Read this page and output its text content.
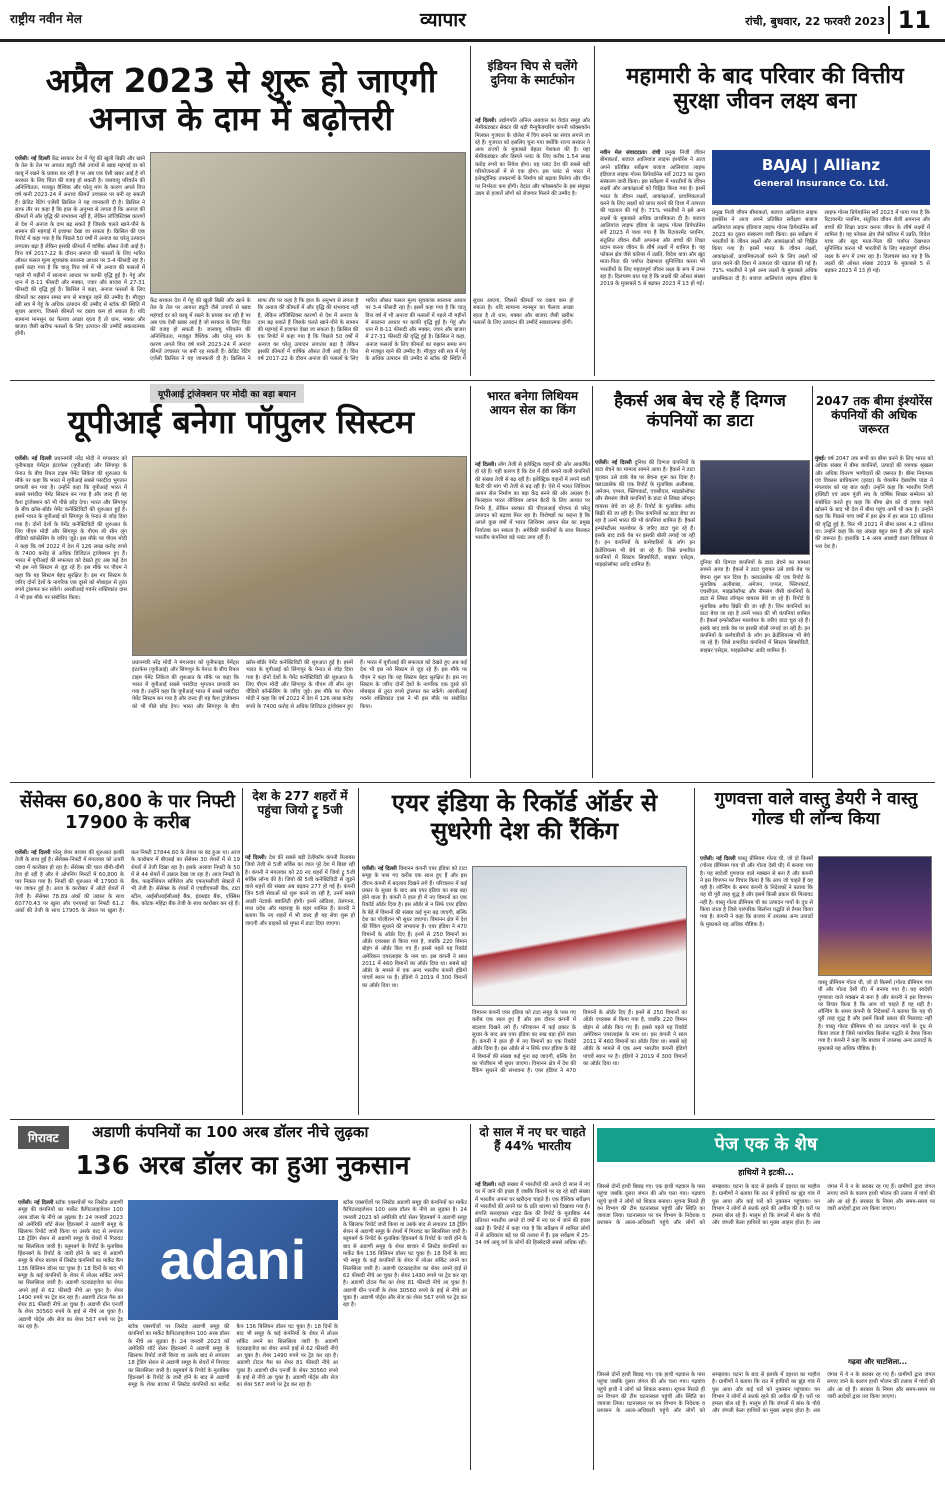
राष्ट्रीय नवीन मेल	व्यापार	रांची, बुधवार, 22 फरवरी 2023 11
अप्रैल 2023 से शुरू हो जाएगी अनाज के दाम में बढ़ोत्तरी
एजेंसी। नई दिल्ली केंद्र सरकार देश में गेहूं की खुली बिक्री और खाने के तेल के तेल पर आयात ड्यूटी जैसे उपायों से खाद्य महंगाई दर को काबू में रखने के प्रयास कर रही है पर अब एक ऐसी खबर आई है जो सरकार के लिए चिंता की वजह हो सकती है। जलवायु परिवर्तन की अनिश्चितता, मजबूत वैश्विक और घरेलू मांग के कारण अगले वित्त वर्ष यानी 2023-24 में अनाज कीमतें उच्चस्तर पर बनी रह सकती हैं। क्रेडिट रेटिंग एजेंसी क्रिसिल ने यह जानकारी दी है। क्रिसिल ने साफ तौर पर कहा है कि हाल के अनुभव से लगता है कि अनाज की कीमतों में और वृद्धि की संभावना नहीं है, लेकिन लॉजिस्टिक्स कारणों से देश में अनाज के दाम बढ़ सकते हैं जिसके चलते खाने-पीने के सामान की महंगाई में इजाफा देखा जा सकता है। क्रिसिल की एक रिपोर्ट में कहा गया है कि पिछले 50 वर्षों में अनाज का घरेलू उत्पादन लगातार बढ़ा है लेकिन इसकी कीमतों में वार्षिक औसत तेजी आई है। वित्त वर्ष 2017-22 के दौरान अनाज की फसलों के लिए भारित औसत फसल मूल्य सूचकांक सालाना आधार पर 3-4 फीसदी रहा है। इसमें कहा गया है कि चालू वित्त वर्ष में भी अनाज की फसलों में पहले नौ महीनों में सालाना आधार पर काफी वृद्धि हुई है। गेहूं और धान में 8-11 फीसदी और मक्का, ज्वार और बाजरा में 27-31 फीसदी की वृद्धि हुई है। क्रिसिल ने कहा, अनाज फसलों के लिए कीमतों का रुझान समग्र रूप से मजबूत रहने की उम्मीद है। मौजूदा रबी सत्र में गेहूं के अधिक उत्पादन की उम्मीद से स्टॉक की स्थिति में सुधार आएगा, जिससे कीमतों पर दबाव कम हो सकता है। यदि सामान्य मानसून का फैलाव अच्छा रहता है तो धान, मक्का और बाजरा जैसी खरीफ फसलों के लिए उत्पादन की उम्मीदें सकारात्मक होंगी।
केंद्र सरकार देश में गेहूं की खुली बिक्री और खाने के तेल के तेल पर आयात ड्यूटी जैसे उपायों से खाद्य महंगाई दर को काबू में रखने के प्रयास कर रही है पर अब एक ऐसी खबर आई है जो सरकार के लिए चिंता की वजह हो सकती है। जलवायु परिवर्तन की अनिश्चितता, मजबूत वैश्विक और घरेलू मांग के कारण अगले वित्त वर्ष यानी 2023-24 में अनाज कीमतें उच्चस्तर पर बनी रह सकती हैं। क्रेडिट रेटिंग एजेंसी क्रिसिल ने यह जानकारी दी है। क्रिसिल ने साफ तौर पर कहा है कि हाल के अनुभव से लगता है कि अनाज की कीमतों में और वृद्धि की संभावना नहीं है, लेकिन लॉजिस्टिक्स कारणों से देश में अनाज के दाम बढ़ सकते हैं जिसके चलते खाने-पीने के सामान की महंगाई में इजाफा देखा जा सकता है। क्रिसिल की एक रिपोर्ट में कहा गया है कि पिछले 50 वर्षों में अनाज का घरेलू उत्पादन लगातार बढ़ा है लेकिन इसकी कीमतों में वार्षिक औसत तेजी आई है। वित्त वर्ष 2017-22 के दौरान अनाज की फसलों के लिए भारित औसत फसल मूल्य सूचकांक सालाना आधार पर 3-4 फीसदी रहा है। इसमें कहा गया है कि चालू वित्त वर्ष में भी अनाज की फसलों में पहले नौ महीनों में सालाना आधार पर काफी वृद्धि हुई है। गेहूं और धान में 8-11 फीसदी और मक्का, ज्वार और बाजरा में 27-31 फीसदी की वृद्धि हुई है। क्रिसिल ने कहा, अनाज फसलों के लिए कीमतों का रुझान समग्र रूप से मजबूत रहने की उम्मीद है। मौजूदा रबी सत्र में गेहूं के अधिक उत्पादन की उम्मीद से स्टॉक की स्थिति में सुधार आएगा, जिससे कीमतों पर दबाव कम हो सकता है। यदि सामान्य मानसून का फैलाव अच्छा रहता है तो धान, मक्का और बाजरा जैसी खरीफ फसलों के लिए उत्पादन की उम्मीदें सकारात्मक होंगी।
इंडियन चिप से चलेंगे दुनिया के स्मार्टफोन
नई दिल्ली। उद्योगपति अनिल अग्रवाल का वेदांत समूह और सेमीकंडक्टर सेक्टर की बड़ी मैन्युफैक्चरिंग कंपनी फॉक्सकॉन मिलकर गुजरात के धोलेरा में चिप बनाने का संयंत्र लगाने जा रहे हैं। गुजरात को इसलिए चुना गया क्योंकि राज्य सरकार ने अन्य राज्यों के मुकाबले बेहतर पेशकश की है। यहां सेमीकंडक्टर और डिस्प्ले प्लांट के लिए करीब 1.54 लाख करोड़ रुपये का निवेश होगा। यह प्लांट देश की सबसे बड़ी परियोजनाओं में से एक होगा। इस प्लांट से भारत में इलेक्ट्रॉनिक उपकरणों के निर्माण को बढ़ावा मिलेगा और चीन पर निर्भरता कम होगी। वेदांत और फॉक्सकॉन के इस संयुक्त उद्यम से हजारों लोगों को रोजगार मिलने की उम्मीद है।
महामारी के बाद परिवार की वित्तीय सुरक्षा जीवन लक्ष्य बना
BAJAJ | Allianz
General Insurance Co. Ltd.
नवीन मेल संवाददाता। रांची प्रमुख निजी जीवन बीमाकर्ता, बजाज आलियांज लाइफ इंश्योरेंस ने आज अपने प्रतिष्ठित सर्वेक्षण बजाज आलियांज लाइफ इंडियाज लाइफ गोल्स प्रिपेयर्डनेस सर्वे 2023 का दूसरा संस्करण जारी किया। इस सर्वेक्षण में भारतीयों के जीवन लक्ष्यों और आकांक्षाओं को चिह्नित किया गया है। इसमें भारत के जीवन लक्ष्यों, आकांक्षाओं, प्राथमिकताओं करने के लिए लक्ष्यों को प्राप्त करने की दिशा में तत्परता की पड़ताल की गई है। 71% भारतीयों ने इसे अन्य लक्ष्यों के मुकाबले अधिक प्राथमिकता दी है। बजाज आलियांज लाइफ इंडिया के लाइफ गोल्स प्रिपेयर्डनेस सर्वे 2023 में पाया गया है कि रिटायरमेंट प्लानिंग, संतुलित जीवन शैली अपनाना और बच्चों की शिक्षा प्रदान करना जीवन के शीर्ष लक्ष्यों में शामिल है। यह फोकस क्षेत्र जैसे करियर में उन्नति, विदेश यात्रा और खुद माता-पिता की पर्याप्त देखभाल सुनिश्चित करना भी भारतीयों के लिए महत्वपूर्ण जीवन लक्ष्य के रूप में उभर रहा है। दिलचस्प बात यह है कि लक्ष्यों की ओसत संख्या 2019 के मुकाबले 5 से बढ़कर 2023 में 13 हो गई।
प्रमुख निजी जीवन बीमाकर्ता, बजाज आलियांज लाइफ इंश्योरेंस ने आज अपने प्रतिष्ठित सर्वेक्षण बजाज आलियांज लाइफ इंडियाज लाइफ गोल्स प्रिपेयर्डनेस सर्वे 2023 का दूसरा संस्करण जारी किया। इस सर्वेक्षण में भारतीयों के जीवन लक्ष्यों और आकांक्षाओं को चिह्नित किया गया है। इसमें भारत के जीवन लक्ष्यों, आकांक्षाओं, प्राथमिकताओं करने के लिए लक्ष्यों को प्राप्त करने की दिशा में तत्परता की पड़ताल की गई है। 71% भारतीयों ने इसे अन्य लक्ष्यों के मुकाबले अधिक प्राथमिकता दी है। बजाज आलियांज लाइफ इंडिया के लाइफ गोल्स प्रिपेयर्डनेस सर्वे 2023 में पाया गया है कि रिटायरमेंट प्लानिंग, संतुलित जीवन शैली अपनाना और बच्चों की शिक्षा प्रदान करना जीवन के शीर्ष लक्ष्यों में शामिल है। यह फोकस क्षेत्र जैसे करियर में उन्नति, विदेश यात्रा और खुद माता-पिता की पर्याप्त देखभाल सुनिश्चित करना भी भारतीयों के लिए महत्वपूर्ण जीवन लक्ष्य के रूप में उभर रहा है। दिलचस्प बात यह है कि लक्ष्यों की ओसत संख्या 2019 के मुकाबले 5 से बढ़कर 2023 में 13 हो गई।
यूपीआई ट्रांजेक्शन पर मोदी का बड़ा बयान
यूपीआई बनेगा पॉपुलर सिस्टम
एजेंसी। नई दिल्ली प्रधानमंत्री नरेंद्र मोदी ने मंगलवार को यूनीफाइड पेमेंट्स इंटरफेस (यूपीआई) और सिंगापुर के पेनाउ के बीच रियल टाइम पेमेंट लिंकेज की शुरुआत के मौके पर कहा कि भारत में यूपीआई सबसे पसंदीदा भुगतान प्रणाली बन गया है। उन्होंने कहा कि यूपीआई भारत में सबसे पसंदीदा पेमेंट सिस्टम बन गया है और जल्द ही यह कैश ट्रांजेक्शन को भी पीछे छोड़ देगा। भारत और सिंगापुर के बीच क्रॉस-बॉर्डर पेमेंट कनेक्टिविटी की शुरुआत हुई है। इसमें भारत के यूपीआई को सिंगापुर के पेनाउ से जोड़ दिया गया है। दोनों देशों के पेमेंट कनेक्टिविटी की शुरुआत के लिए पीएम मोदी और सिंगापुर के पीएम ली सीन लूंग वीडियो कॉन्फ्रेंसिंग के जरिए जुड़े। इस मौके पर पीएम मोदी ने कहा कि वर्ष 2022 में देश में 126 लाख करोड़ रुपये के 7400 करोड़ से अधिक डिजिटल ट्रांजेक्शन हुए हैं। भारत में यूपीआई की सफलता को देखते हुए अब कई देश भी इस नये सिस्टम से जुड़ रहे हैं। इस मौके पर पीएम ने कहा कि यह सिस्टम बेहद सुरक्षित है। इस नए सिस्टम के जरिए दोनों देशों के नागरिक एक दूसरे को मोबाइल से तुरंत रुपये ट्रांसफर कर सकेंगे। आरबीआई गवर्नर शक्तिकांत दास ने भी इस मौके पर संबोधित किया।
प्रधानमंत्री नरेंद्र मोदी ने मंगलवार को यूनीफाइड पेमेंट्स इंटरफेस (यूपीआई) और सिंगापुर के पेनाउ के बीच रियल टाइम पेमेंट लिंकेज की शुरुआत के मौके पर कहा कि भारत में यूपीआई सबसे पसंदीदा भुगतान प्रणाली बन गया है। उन्होंने कहा कि यूपीआई भारत में सबसे पसंदीदा पेमेंट सिस्टम बन गया है और जल्द ही यह कैश ट्रांजेक्शन को भी पीछे छोड़ देगा। भारत और सिंगापुर के बीच क्रॉस-बॉर्डर पेमेंट कनेक्टिविटी की शुरुआत हुई है। इसमें भारत के यूपीआई को सिंगापुर के पेनाउ से जोड़ दिया गया है। दोनों देशों के पेमेंट कनेक्टिविटी की शुरुआत के लिए पीएम मोदी और सिंगापुर के पीएम ली सीन लूंग वीडियो कॉन्फ्रेंसिंग के जरिए जुड़े। इस मौके पर पीएम मोदी ने कहा कि वर्ष 2022 में देश में 126 लाख करोड़ रुपये के 7400 करोड़ से अधिक डिजिटल ट्रांजेक्शन हुए हैं। भारत में यूपीआई की सफलता को देखते हुए अब कई देश भी इस नये सिस्टम से जुड़ रहे हैं। इस मौके पर पीएम ने कहा कि यह सिस्टम बेहद सुरक्षित है। इस नए सिस्टम के जरिए दोनों देशों के नागरिक एक दूसरे को मोबाइल से तुरंत रुपये ट्रांसफर कर सकेंगे। आरबीआई गवर्नर शक्तिकांत दास ने भी इस मौके पर संबोधित किया।
भारत बनेगा लिथियम आयन सेल का किंग
नई दिल्ली। लोग तेजी से इलेक्ट्रिक वाहनों की ओर आकर्षित हो रहे हैं। यही कारण है कि देश में ईवी बनाने वाली कंपनियों की संख्या तेजी से बढ़ रही है। इलेक्ट्रिक वाहनों में लगने वाली बैटरी की मांग भी तेजी से बढ़ रही है। ऐसे में भारत लिथियम आयन सेल निर्माण का बड़ा केंद्र बनने की ओर अग्रसर है। फिलहाल भारत लीथियम आयन बैटरी के लिए आयात पर निर्भर है, लेकिन सरकार की पीएलआई योजना से घरेलू उत्पादन को बढ़ावा मिल रहा है। विशेषज्ञों का कहना है कि अगले कुछ वर्षों में भारत लिथियम आयन सेल का प्रमुख निर्यातक बन सकता है। अमेरिकी कंपनियों के साथ मिलकर भारतीय कंपनियां बड़े प्लांट लगा रही हैं।
हैकर्स अब बेच रहे हैं दिग्गज कंपनियों का डाटा
एजेंसी। नई दिल्ली दुनिया की दिग्गज कंपनियों के डाटा बेचने का मामला सामने आया है। हैकर्स ने डाटा चुराकर उसे डार्क वेब पर बेचना शुरू कर दिया है। क्लाउडसेक की एक रिपोर्ट के मुताबिक अलीबाबा, अमेजन, एप्पल, फ्लिपकार्ट, एचसीएल, माइक्रोसॉफ्ट और सैमसंग जैसी कंपनियों के डाटा से लिंक्ड लॉगइन वायरस बेचे जा रहे हैं। रिपोर्ट के मुताबिक अवैध बिक्री की जा रही है। जिन कंपनियों का डाटा बेचा जा रहा है उनमें भारत की भी कंपनियां शामिल हैं। हैकर्स इन्फोस्टीलर मालवेयर के जरिए डाटा चुरा रहे हैं। इसके बाद डार्क वेब पर इसकी बोली लगाई जा रही है। इन कंपनियों के कर्मचारियों के लॉग इन क्रेडेंशियल्स भी बेचे जा रहे हैं। जिसे प्रभावित कंपनियों में सिस्टम सिक्योरिटी, साइबर एसेट्स, माइक्रोसॉफ्ट आदि शामिल हैं।	दुनिया की दिग्गज कंपनियों के डाटा बेचने का मामला सामने आया है। हैकर्स ने डाटा चुराकर उसे डार्क वेब पर बेचना शुरू कर दिया है। क्लाउडसेक की एक रिपोर्ट के मुताबिक अलीबाबा, अमेजन, एप्पल, फ्लिपकार्ट, एचसीएल, माइक्रोसॉफ्ट और सैमसंग जैसी कंपनियों के डाटा से लिंक्ड लॉगइन वायरस बेचे जा रहे हैं। रिपोर्ट के मुताबिक अवैध बिक्री की जा रही है। जिन कंपनियों का डाटा बेचा जा रहा है उनमें भारत की भी कंपनियां शामिल हैं। हैकर्स इन्फोस्टीलर मालवेयर के जरिए डाटा चुरा रहे हैं। इसके बाद डार्क वेब पर इसकी बोली लगाई जा रही है। इन कंपनियों के कर्मचारियों के लॉग इन क्रेडेंशियल्स भी बेचे जा रहे हैं। जिसे प्रभावित कंपनियों में सिस्टम सिक्योरिटी, साइबर एसेट्स, माइक्रोसॉफ्ट आदि शामिल हैं।
2047 तक बीमा इंश्योरेंस कंपनियों की अधिक जरूरत
मुंबई। वर्ष 2047 तक सभी का बीमा करने के लिए भारत को अधिक संख्या में बीमा कंपनियों, उत्पादों की व्यापक श्रृंखला और अधिक वितरण भागीदारों की जरूरत है। बीमा नियामक एवं विकास प्राधिकरण (इरडा) के चेयरमैन देबाशीष पांडा ने मंगलवार को यह बात कही। उन्होंने कहा कि भारतीय निजी इक्विटी एवं उद्यम पूंजी संघ के वार्षिक शिखर सम्मेलन को संबोधित करते हुए कहा कि बीमा क्षेत्र को दो दशक पहले खोलने के बाद भी देश में बीमा पहुंच अभी भी कम है। उन्होंने कहा कि पिछले पांच वर्षों में इस क्षेत्र में हर साल 10 प्रतिशत की वृद्धि हुई है, फिर भी 2021 में बीमा प्रसार 4.2 प्रतिशत था। उन्होंने कहा कि यह अंकड़ा बहुत कम है और इसे बढ़ाने की जरूरत है। हालांकि 1.4 अरब आबादी वाला विविधता से भरा देश है।
सेंसेक्स 60,800 के पार निफ्टी 17900 के करीब
एजेंसी। नई दिल्ली घरेलू शेयर बाजार की शुरुआत हल्की तेजी के साथ हुई है। सेंसेक्स-निफ्टी में मंगलवार को ऊपरी दबाव में कारोबार हो रहा है। सेंसेक्स की चाल धीमी-धीमी तेज हो रही है और ये ओपनिंग मिनटों में 60,800 के पार निकल गया है। निफ्टी की शुरुआत भी 17900 के पार जाकर हुई है। आज के कारोबार में ऑटो शेयरों में तेजी है। सेंसेक्स 78.89 अंकों की उछाल के साथ 60770.43 पर खुला और एनएसई का निफ्टी 61.2 अंकों की तेजी के साथ 17905 के लेवल पर खुला है। कल निफ्टी 17844.60 के लेवल पर बंद हुआ था। आज के कारोबार में बीएसई का सेंसेक्स 30 शेयरों में से 19 शेयरों में तेजी दिखा रहा है। इसके अलावा निफ्टी के 50 में से 44 शेयरों में उछाल देखा जा रहा है। आज निफ्टी के बैंक, फाइनेंशियल सर्विसेज और एफएमसीजी सेक्टरों में भी तेजी है। सेंसेक्स के शेयरों में एचडीएफसी बैंक, टाटा स्टील, आईसीआईसीआई बैंक, इंडसइंड बैंक, एक्सिस बैंक, कोटक महिंद्रा बैंक तेजी के साथ कारोबार कर रहे हैं।
देश के 277 शहरों में पहुंचा जियो ट्रू 5जी
नई दिल्ली। देश की सबसे बड़ी टेलीकॉम कंपनी रिलायंस जियो तेजी से 5जी सर्विस का जाल पूरे देश में बिछा रही है। कंपनी ने मंगलवार को 20 नए शहरों में जियो ट्रू 5जी सर्विस लॉन्च की है। जियो की 5जी कनेक्टिविटी से जुड़ने वाले शहरों की संख्या अब बढ़कर 277 हो गई है। कंपनी जिन 5जी सेवाओं को शुरू करने जा रही है, उनमें सबसे अच्छी नेटवर्क क्वालिटी होगी। इनमें ओडिशा, तेलंगाना, मध्य प्रदेश और महाराष्ट्र के शहर शामिल हैं। कंपनी ने बताया कि नए शहरों में भी जल्द ही यह सेवा शुरू हो जाएगी और ग्राहकों को मुफ्त में डाटा दिया जाएगा।
एयर इंडिया के रिकॉर्ड ऑर्डर से सुधरेगी देश की रैंकिंग
एजेंसी। नई दिल्ली विमानन कंपनी एयर इंडिया को टाटा समूह के पास गए करीब एक साल हुए हैं और इस दौरान कंपनी में बदलाव दिखने लगे हैं। परिचालन में कई प्रकार के सुधार के बाद अब एयर इंडिया का रुख बड़ा होने वाला है। कंपनी ने हाल ही में नए विमानों का एक रिकॉर्ड ऑर्डर दिया है। इस ऑर्डर से न सिर्फ एयर इंडिया के बेड़े में विमानों की संख्या कई गुना बढ़ जाएगी, बल्कि देश का पोजीशन भी सुधर जाएगा। विमानन क्षेत्र में देश की रैंकिंग सुधरने की संभावना है। एयर इंडिया ने 470 विमानों के ऑर्डर दिए हैं। इनमें से 250 विमानों का ऑर्डर एयरबस से किया गया है, जबकि 220 विमान बोइंग से ऑर्डर किए गए हैं। इससे पहले यह रिकॉर्ड अमेरिकन एयरलाइंस के नाम था। इस कंपनी ने साल 2011 में 460 विमानों का ऑर्डर दिया था। सबसे बड़े ऑर्डर के मामले में एक अन्य भारतीय कंपनी इंडिगो पांचवें स्थान पर है। इंडिगो ने 2019 में 300 विमानों का ऑर्डर दिया था।
विमानन कंपनी एयर इंडिया को टाटा समूह के पास गए करीब एक साल हुए हैं और इस दौरान कंपनी में बदलाव दिखने लगे हैं। परिचालन में कई प्रकार के सुधार के बाद अब एयर इंडिया का रुख बड़ा होने वाला है। कंपनी ने हाल ही में नए विमानों का एक रिकॉर्ड ऑर्डर दिया है। इस ऑर्डर से न सिर्फ एयर इंडिया के बेड़े में विमानों की संख्या कई गुना बढ़ जाएगी, बल्कि देश का पोजीशन भी सुधर जाएगा। विमानन क्षेत्र में देश की रैंकिंग सुधरने की संभावना है। एयर इंडिया ने 470 विमानों के ऑर्डर दिए हैं। इनमें से 250 विमानों का ऑर्डर एयरबस से किया गया है, जबकि 220 विमान बोइंग से ऑर्डर किए गए हैं। इससे पहले यह रिकॉर्ड अमेरिकन एयरलाइंस के नाम था। इस कंपनी ने साल 2011 में 460 विमानों का ऑर्डर दिया था। सबसे बड़े ऑर्डर के मामले में एक अन्य भारतीय कंपनी इंडिगो पांचवें स्थान पर है। इंडिगो ने 2019 में 300 विमानों का ऑर्डर दिया था।
गुणवत्ता वाले वास्तु डेयरी ने वास्तु गोल्ड घी लॉन्च किया
एजेंसी। नई दिल्ली वास्तु प्रीमियम गोल्ड घी, जो दो किस्मों (गोल्ड प्रीमियम गाय घी और गोल्ड देसी घी) में बनाया गया है। यह स्वदेशी गुणवत्ता वाले मक्खन से बना है और कंपनी ने इस विपणन पर विचार किया है कि आप जो चाहते हैं वह यही है। लॉन्चिंग के समय कंपनी के निदेशकों ने बताया कि यह घी पूरी तरह शुद्ध है और इसमें किसी प्रकार की मिलावट नहीं है। वास्तु गोल्ड प्रीमियम घी का उत्पादन गायों के दूध से किया जाता है जिसे पारंपरिक बिलोना पद्धति से तैयार किया गया है। कंपनी ने कहा कि बाजार में उपलब्ध अन्य उत्पादों के मुकाबले यह अधिक पौष्टिक है।
वास्तु प्रीमियम गोल्ड घी, जो दो किस्मों (गोल्ड प्रीमियम गाय घी और गोल्ड देसी घी) में बनाया गया है। यह स्वदेशी गुणवत्ता वाले मक्खन से बना है और कंपनी ने इस विपणन पर विचार किया है कि आप जो चाहते हैं वह यही है। लॉन्चिंग के समय कंपनी के निदेशकों ने बताया कि यह घी पूरी तरह शुद्ध है और इसमें किसी प्रकार की मिलावट नहीं है। वास्तु गोल्ड प्रीमियम घी का उत्पादन गायों के दूध से किया जाता है जिसे पारंपरिक बिलोना पद्धति से तैयार किया गया है। कंपनी ने कहा कि बाजार में उपलब्ध अन्य उत्पादों के मुकाबले यह अधिक पौष्टिक है।
गिरावट	अडाणी कंपनियों का 100 अरब डॉलर नीचे लुढ़का
136 अरब डॉलर का हुआ नुकसान
adani
एजेंसी। नई दिल्ली स्टॉक एक्सचेंजों पर लिस्टेड अडाणी समूह की कंपनियों का मार्केट कैपिटलाइजेशन 100 अरब डॉलर के नीचे आ लुढ़का है। 24 जनवरी 2023 को अमेरिकी शॉर्ट सेलर हिंडनबर्ग ने अडाणी समूह के खिलाफ रिपोर्ट जारी किया था उसके बाद से लगातार 18 ट्रेडिंग सेशन से अडाणी समूह के शेयरों में गिरावट का सिलसिला जारी है। ब्लूमबर्ग के रिपोर्ट के मुताबिक हिंडनबर्ग के रिपोर्ट के जारी होने के बाद से अडाणी समूह के शेयर बाजार में लिस्टेड कंपनियों का मार्केट कैप 136 बिलियन डॉलर घट चुका है। 18 दिनों के बाद भी समूह के कई कंपनियों के शेयर में लोअर सर्किट लगने का सिलसिला जारी है। अडाणी एंटरप्राइजेज का शेयर अपने हाई से 62 फीसदी नीचे आ चुका है। शेयर 1490 रुपये पर ट्रेड कर रहा है। अडाणी टोटल गैस का शेयर 81 फीसदी नीचे आ चुका है। अडाणी ग्रीन एनर्जी के शेयर 30560 रुपये के हाई से नीचे आ चुका है। अडाणी पोर्ट्स और सेज का शेयर 567 रुपये पर ट्रेड कर रहा है।	स्टॉक एक्सचेंजों पर लिस्टेड अडाणी समूह की कंपनियों का मार्केट कैपिटलाइजेशन 100 अरब डॉलर के नीचे आ लुढ़का है। 24 जनवरी 2023 को अमेरिकी शॉर्ट सेलर हिंडनबर्ग ने अडाणी समूह के खिलाफ रिपोर्ट जारी किया था उसके बाद से लगातार 18 ट्रेडिंग सेशन से अडाणी समूह के शेयरों में गिरावट का सिलसिला जारी है। ब्लूमबर्ग के रिपोर्ट के मुताबिक हिंडनबर्ग के रिपोर्ट के जारी होने के बाद से अडाणी समूह के शेयर बाजार में लिस्टेड कंपनियों का मार्केट कैप 136 बिलियन डॉलर घट चुका है। 18 दिनों के बाद भी समूह के कई कंपनियों के शेयर में लोअर सर्किट लगने का सिलसिला जारी है। अडाणी एंटरप्राइजेज का शेयर अपने हाई से 62 फीसदी नीचे आ चुका है। शेयर 1490 रुपये पर ट्रेड कर रहा है। अडाणी टोटल गैस का शेयर 81 फीसदी नीचे आ चुका है। अडाणी ग्रीन एनर्जी के शेयर 30560 रुपये के हाई से नीचे आ चुका है। अडाणी पोर्ट्स और सेज का शेयर 567 रुपये पर ट्रेड कर रहा है।
स्टॉक एक्सचेंजों पर लिस्टेड अडाणी समूह की कंपनियों का मार्केट कैपिटलाइजेशन 100 अरब डॉलर के नीचे आ लुढ़का है। 24 जनवरी 2023 को अमेरिकी शॉर्ट सेलर हिंडनबर्ग ने अडाणी समूह के खिलाफ रिपोर्ट जारी किया था उसके बाद से लगातार 18 ट्रेडिंग सेशन से अडाणी समूह के शेयरों में गिरावट का सिलसिला जारी है। ब्लूमबर्ग के रिपोर्ट के मुताबिक हिंडनबर्ग के रिपोर्ट के जारी होने के बाद से अडाणी समूह के शेयर बाजार में लिस्टेड कंपनियों का मार्केट कैप 136 बिलियन डॉलर घट चुका है। 18 दिनों के बाद भी समूह के कई कंपनियों के शेयर में लोअर सर्किट लगने का सिलसिला जारी है। अडाणी एंटरप्राइजेज का शेयर अपने हाई से 62 फीसदी नीचे आ चुका है। शेयर 1490 रुपये पर ट्रेड कर रहा है। अडाणी टोटल गैस का शेयर 81 फीसदी नीचे आ चुका है। अडाणी ग्रीन एनर्जी के शेयर 30560 रुपये के हाई से नीचे आ चुका है। अडाणी पोर्ट्स और सेज का शेयर 567 रुपये पर ट्रेड कर रहा है।
दो साल में नए घर चाहते हैं 44% भारतीय
नई दिल्ली। बढ़ी संख्या में भारतीयों की अगले दो साल में नए घर में जाने की इच्छा है जबकि किराये पर रह रहे बड़ी संख्या में भारतीय अपना घर खरीदना चाहते हैं। एक वैश्विक सर्वेक्षण में भारतीयों की अपने घर के प्रति धारणा को दिखाया गया है। संपत्ति सलाहकार नाइट फ्रैंक की रिपोर्ट के मुताबिक 44 प्रतिशत भारतीय अगले दो वर्षों में नए घर में जाने की इच्छा रखते हैं। रिपोर्ट में कहा गया है कि सर्वेक्षण में शामिल लोगों में से अधिकांश बड़े घर की तलाश में हैं। इस सर्वेक्षण में 25-34 वर्ष आयु वर्ग के लोगों की हिस्सेदारी सबसे अधिक रही।
पेज एक के शेष
हाथियों ने इटकी...
जिससे दोनों हाथी बिछड़ गए। एक हाथी गढ़वाल के पास पहुंचा जबकि दूसरा जंगल की ओर चला गया। गढ़वांच पहुंचे हाथी ने लोगों को शिकार बनाया। सूचना मिलते ही वन विभाग की टीम घटनास्थल पहुंची और स्थिति का जायजा लिया। घटनास्थल पर वन विभाग के निदेशक व प्रशासन के आला-अधिकारी पहुंचे और लोगों को समझाया। घटना के बाद से इलाके में दहशत का माहौल है। ग्रामीणों ने बताया कि रात में हाथियों का झुंड गांव में घुस आया और कई घरों को नुकसान पहुंचाया। वन विभाग ने लोगों से सतर्क रहने की अपील की है। घरों पर हमला बोल रहे हैं। मालूम हो कि जंगलों में बांस के पौधे और जंगली केला हाथियों का मुख्य आहार होता है। अब जंगल में ये न के बराबर रह गए हैं। ग्रामीणों द्वारा जंगल लगाए जाने के कारण हाथी भोजन की तलाश में गांवों की ओर आ रहे हैं। सरकार के नियम और समय-समय पर जारी आदेशों द्वारा तय किया जाएगा।
गढ़वा और घाटशिला...
जिससे दोनों हाथी बिछड़ गए। एक हाथी गढ़वाल के पास पहुंचा जबकि दूसरा जंगल की ओर चला गया। गढ़वांच पहुंचे हाथी ने लोगों को शिकार बनाया। सूचना मिलते ही वन विभाग की टीम घटनास्थल पहुंची और स्थिति का जायजा लिया। घटनास्थल पर वन विभाग के निदेशक व प्रशासन के आला-अधिकारी पहुंचे और लोगों को समझाया। घटना के बाद से इलाके में दहशत का माहौल है। ग्रामीणों ने बताया कि रात में हाथियों का झुंड गांव में घुस आया और कई घरों को नुकसान पहुंचाया। वन विभाग ने लोगों से सतर्क रहने की अपील की है। घरों पर हमला बोल रहे हैं। मालूम हो कि जंगलों में बांस के पौधे और जंगली केला हाथियों का मुख्य आहार होता है। अब जंगल में ये न के बराबर रह गए हैं। ग्रामीणों द्वारा जंगल लगाए जाने के कारण हाथी भोजन की तलाश में गांवों की ओर आ रहे हैं। सरकार के नियम और समय-समय पर जारी आदेशों द्वारा तय किया जाएगा।
